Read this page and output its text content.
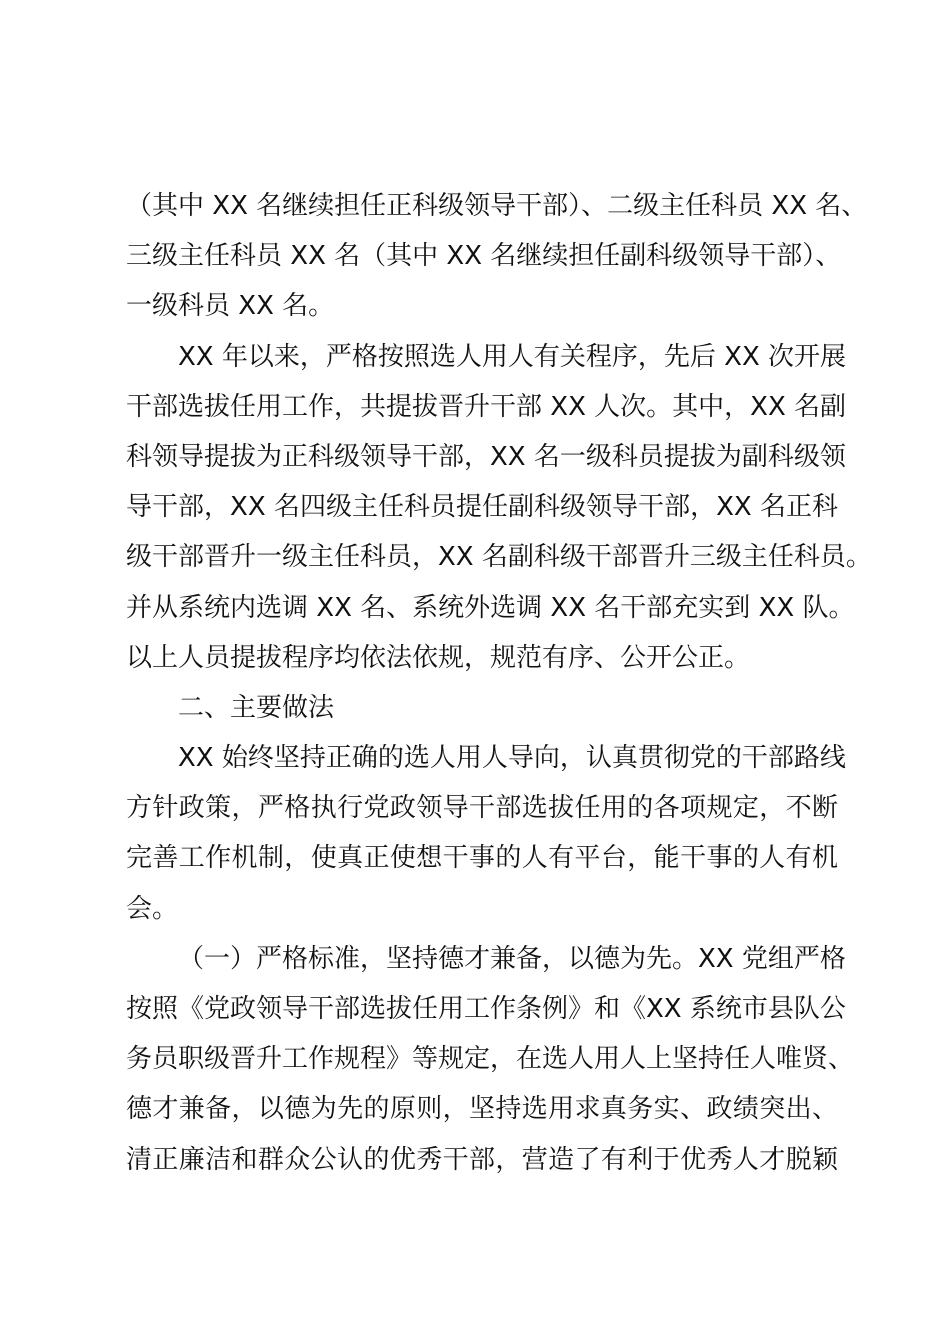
（其中 XX 名继续担任正科级领导干部）、二级主任科员 XX 名、
三级主任科员 XX 名（其中 XX 名继续担任副科级领导干部）、
一级科员 XX 名。
XX 年以来，严格按照选人用人有关程序，先后 XX 次开展
干部选拔任用工作，共提拔晋升干部 XX 人次。其中，XX 名副
科领导提拔为正科级领导干部，XX 名一级科员提拔为副科级领
导干部，XX 名四级主任科员提任副科级领导干部，XX 名正科
级干部晋升一级主任科员，XX 名副科级干部晋升三级主任科员。
并从系统内选调 XX 名、系统外选调 XX 名干部充实到 XX 队。
以上人员提拔程序均依法依规，规范有序、公开公正。
二、主要做法
XX 始终坚持正确的选人用人导向，认真贯彻党的干部路线
方针政策，严格执行党政领导干部选拔任用的各项规定，不断
完善工作机制，使真正使想干事的人有平台，能干事的人有机
会。
（一）严格标准，坚持德才兼备，以德为先。XX 党组严格
按照《党政领导干部选拔任用工作条例》和《XX 系统市县队公
务员职级晋升工作规程》等规定，在选人用人上坚持任人唯贤、
德才兼备，以德为先的原则，坚持选用求真务实、政绩突出、
清正廉洁和群众公认的优秀干部，营造了有利于优秀人才脱颖
